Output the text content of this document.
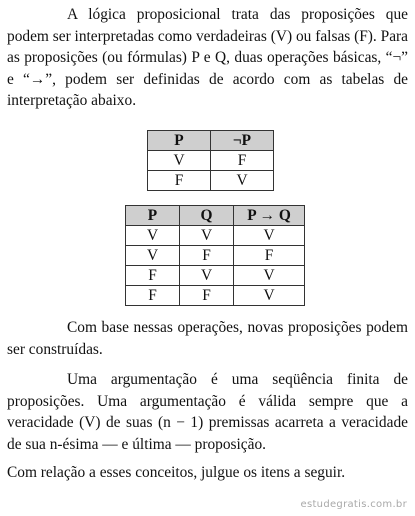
A lógica proposicional trata das proposições que podem ser interpretadas como verdadeiras (V) ou falsas (F). Para as proposições (ou fórmulas) P e Q, duas operações básicas, “¬” e “→”, podem ser definidas de acordo com as tabelas de interpretação abaixo.

P	¬P
V	F
F	V
P	Q	P → Q
V	V	V
V	F	F
F	V	V
F	F	V

Com base nessas operações, novas proposições podem ser construídas.

Uma argumentação é uma seqüência finita de proposições. Uma argumentação é válida sempre que a veracidade (V) de suas (n − 1) premissas acarreta a veracidade de sua n-ésima — e última — proposição.

Com relação a esses conceitos, julgue os itens a seguir.

estudegratis.com.br
